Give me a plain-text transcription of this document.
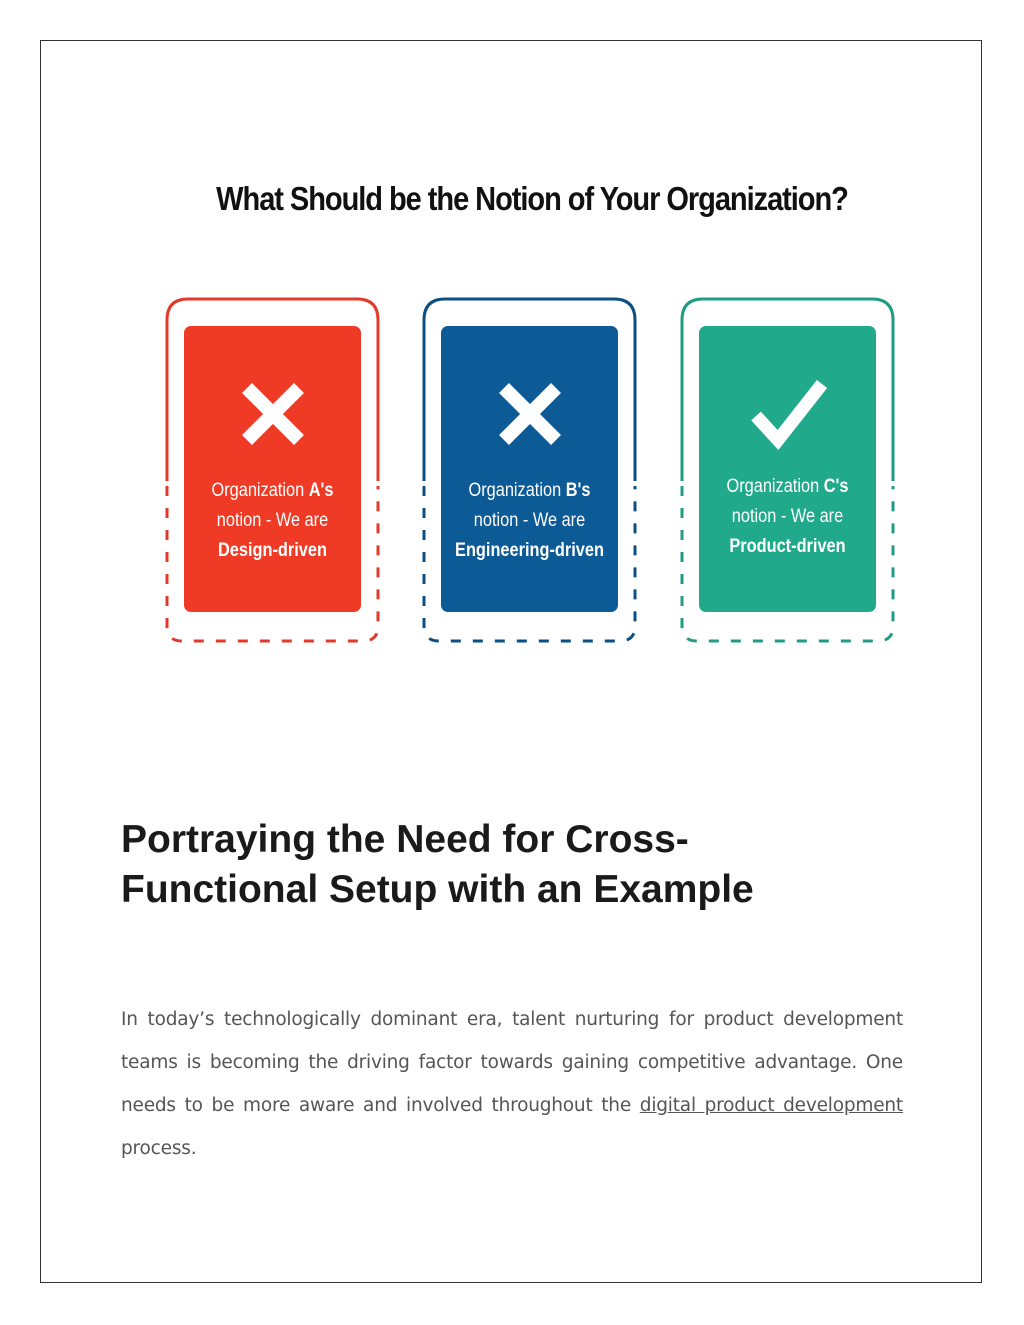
What Should be the Notion of Your Organization?
Organization A's
notion - We are
Design-driven
Organization B's
notion - We are
Engineering-driven
Organization C's
notion - We are
Product-driven
Portraying the Need for Cross-Functional Setup with an Example

In today’s technologically dominant era, talent nurturing for product development teams is becoming the driving factor towards gaining competitive advantage. One needs to be more aware and involved throughout the digital product development process.
